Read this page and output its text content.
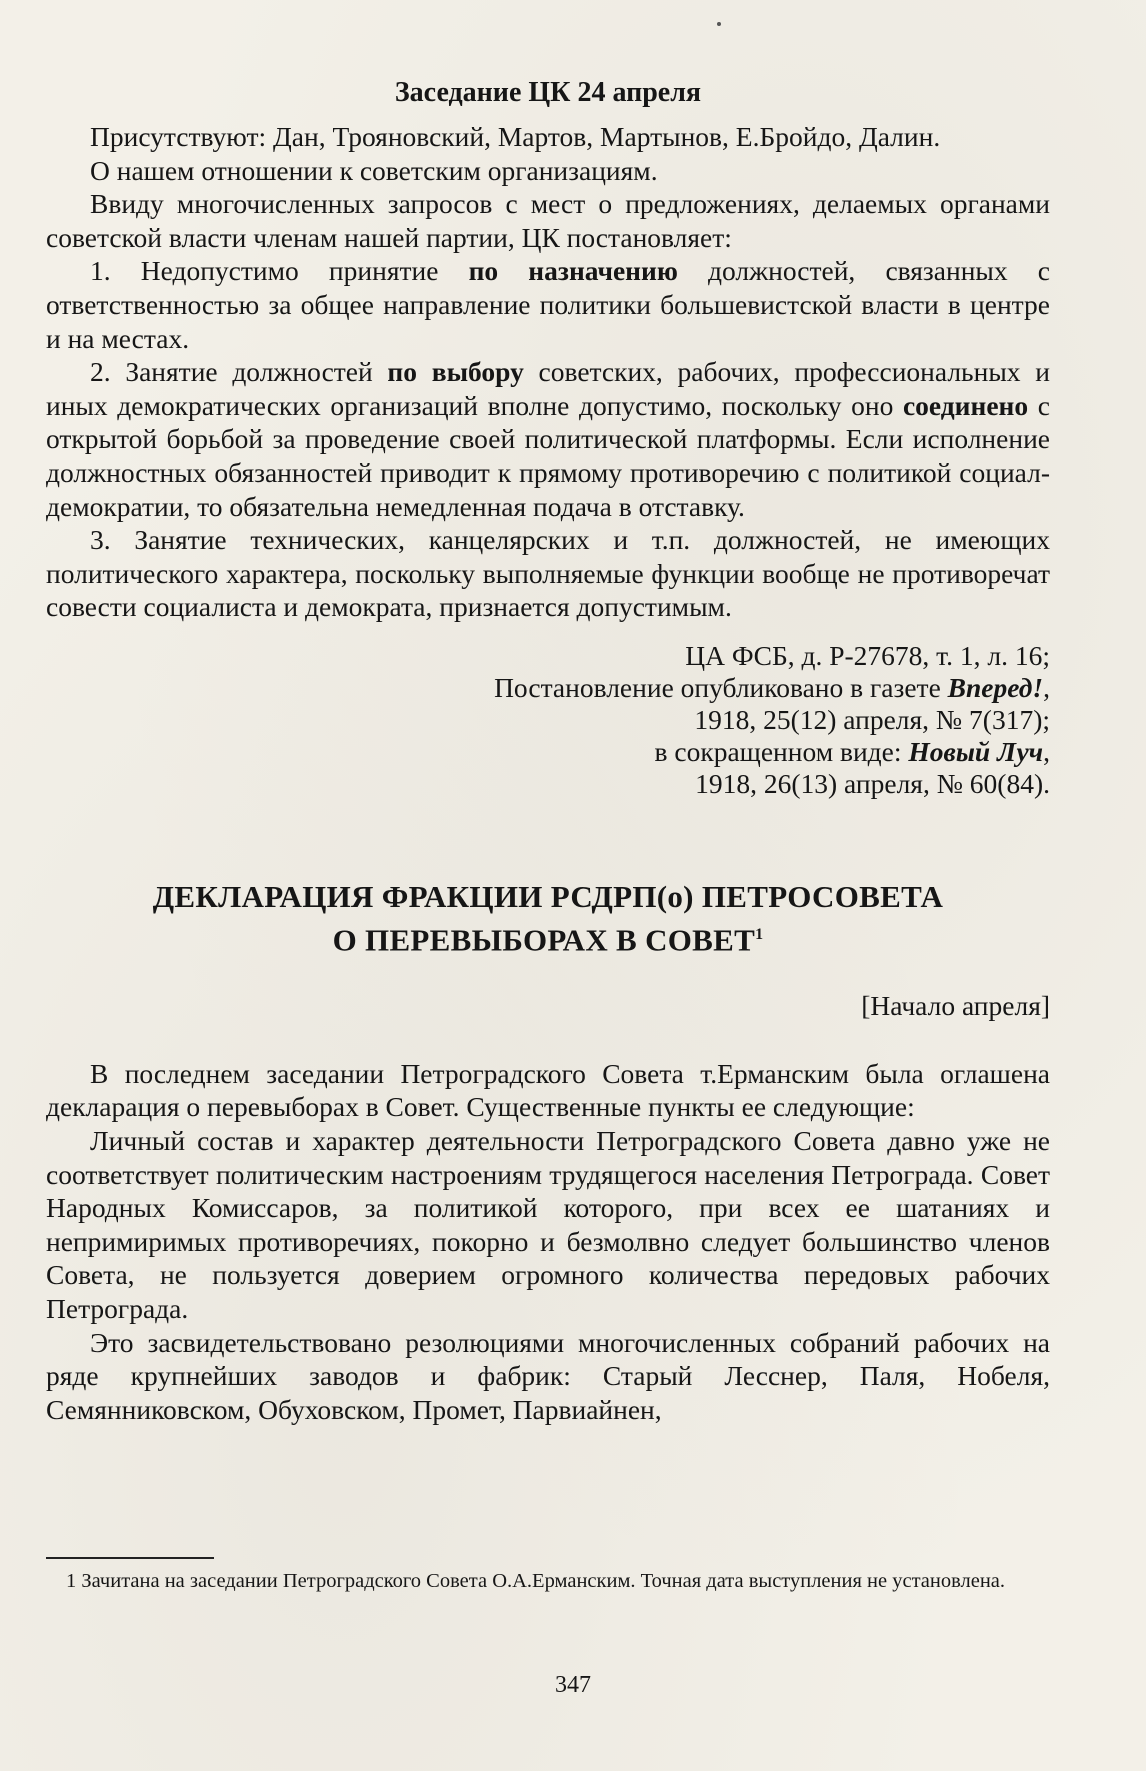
Заседание ЦК 24 апреля

Присутствуют: Дан, Трояновский, Мартов, Мартынов, Е.Бройдо, Далин.

О нашем отношении к советским организациям.

Ввиду многочисленных запросов с мест о предложениях, делаемых органами советской власти членам нашей партии, ЦК постановляет:

1. Недопустимо принятие по назначению должностей, связанных с ответственностью за общее направление политики большевистской власти в центре и на местах.

2. Занятие должностей по выбору советских, рабочих, профессиональных и иных демократических организаций вполне допустимо, поскольку оно соединено с открытой борьбой за проведение своей политической платформы. Если исполнение должностных обязанностей приводит к прямому противоречию с политикой социал-демократии, то обязательна немедленная подача в отставку.

3. Занятие технических, канцелярских и т.п. должностей, не имеющих политического характера, поскольку выполняемые функции вообще не противоречат совести социалиста и демократа, признается допустимым.

ЦА ФСБ, д. Р-27678, т. 1, л. 16;
Постановление опубликовано в газете Вперед!,
1918, 25(12) апреля, № 7(317);
в сокращенном виде: Новый Луч,
1918, 26(13) апреля, № 60(84).
ДЕКЛАРАЦИЯ ФРАКЦИИ РСДРП(о) ПЕТРОСОВЕТА
О ПЕРЕВЫБОРАХ В СОВЕТ$^1$
[Начало апреля]

В последнем заседании Петроградского Совета т.Ерманским была оглашена декларация о перевыборах в Совет. Существенные пункты ее следующие:

Личный состав и характер деятельности Петроградского Совета давно уже не соответствует политическим настроениям трудящегося населения Петрограда. Совет Народных Комиссаров, за политикой которого, при всех ее шатаниях и непримиримых противоречиях, покорно и безмолвно следует большинство членов Совета, не пользуется доверием огромного количества передовых рабочих Петрограда.

Это засвидетельствовано резолюциями многочисленных собраний рабочих на ряде крупнейших заводов и фабрик: Старый Лесснер, Паля, Нобеля, Семянниковском, Обуховском, Промет, Парвиайнен,

1 Зачитана на заседании Петроградского Совета О.А.Ерманским. Точная дата выступления не установлена.
347
